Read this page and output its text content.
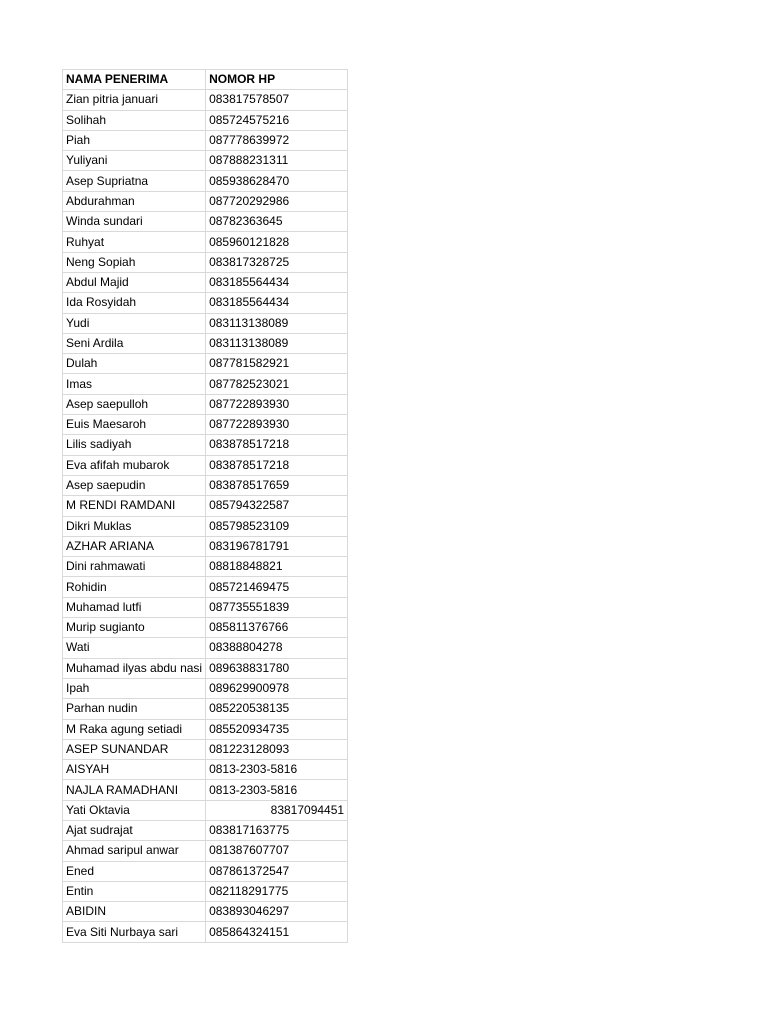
NAMA PENERIMA	NOMOR HP
Zian pitria januari	083817578507
Solihah	085724575216
Piah	087778639972
Yuliyani	087888231311
Asep Supriatna	085938628470
Abdurahman	087720292986
Winda sundari	08782363645
Ruhyat	085960121828
Neng Sopiah	083817328725
Abdul Majid	083185564434
Ida Rosyidah	083185564434
Yudi	083113138089
Seni Ardila	083113138089
Dulah	087781582921
Imas	087782523021
Asep saepulloh	087722893930
Euis Maesaroh	087722893930
Lilis sadiyah	083878517218
Eva afifah mubarok	083878517218
Asep saepudin	083878517659
M RENDI RAMDANI	085794322587
Dikri Muklas	085798523109
AZHAR ARIANA	083196781791
Dini rahmawati	08818848821
Rohidin	085721469475
Muhamad lutfi	087735551839
Murip sugianto	085811376766
Wati	08388804278
Muhamad ilyas abdu nasi	089638831780
Ipah	089629900978
Parhan nudin	085220538135
M Raka agung setiadi	085520934735
ASEP SUNANDAR	081223128093
AISYAH	0813-2303-5816
NAJLA RAMADHANI	0813-2303-5816
Yati Oktavia	83817094451
Ajat sudrajat	083817163775
Ahmad saripul anwar	081387607707
Ened	087861372547
Entin	082118291775
ABIDIN	083893046297
Eva Siti Nurbaya sari	085864324151
